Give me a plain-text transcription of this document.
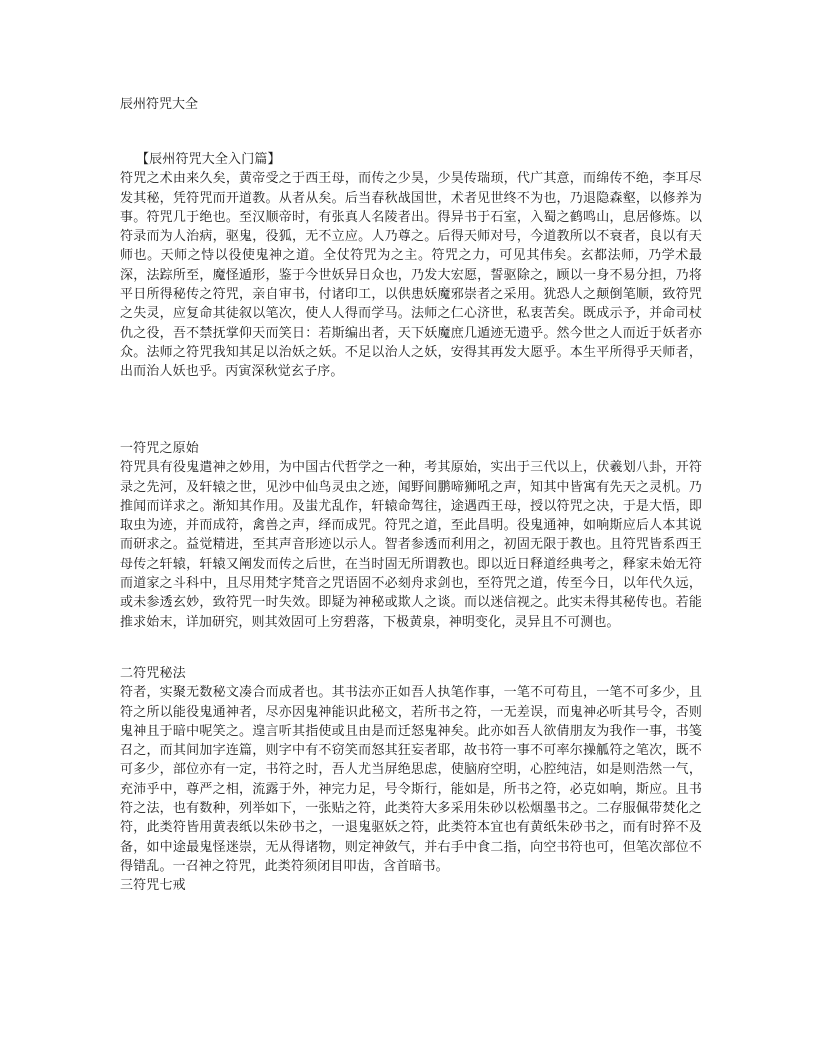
辰州符咒大全
【辰州符咒大全入门篇】
符咒之术由来久矣，黄帝受之于西王母，而传之少昊，少昊传瑞顼，代广其意，而绵传不绝，李耳尽发其秘，凭符咒而开道教。从者从矣。后当春秋战国世，术者见世终不为也，乃退隐森壑，以修养为事。符咒几于绝也。至汉顺帝时，有张真人名陵者出。得异书于石室，入蜀之鹤鸣山，息居修炼。以符录而为人治病，驱鬼，役狐，无不立应。人乃尊之。后得天师对号，今道教所以不衰者，良以有天师也。天师之恃以役使鬼神之道。全仗符咒为之主。符咒之力，可见其伟矣。玄都法师，乃学术最深，法踪所至，魔怪遁形，鉴于今世妖异日众也，乃发大宏愿，誓驱除之，顾以一身不易分担，乃将平日所得秘传之符咒，亲自审书，付诸印工，以供患妖魔邪崇者之采用。犹恐人之颠倒笔顺，致符咒之失灵，应复命其徒叙以笔次，使人人得而学马。法师之仁心济世，私衷苦矣。既成示予，并命司杖仇之役，吾不禁抚掌仰天而笑日：若斯编出者，天下妖魔庶几遁迹无遗乎。然今世之人而近于妖者亦众。法师之符咒我知其足以治妖之妖。不足以治人之妖，安得其再发大愿乎。本生平所得乎天师者，出而治人妖也乎。丙寅深秋觉玄子序。
一符咒之原始
符咒具有役鬼遣神之妙用，为中国古代哲学之一种，考其原始，实出于三代以上，伏羲划八卦，开符录之先河，及轩辕之世，见沙中仙鸟灵虫之迹，闻野间鹏啼狮吼之声，知其中皆寓有先天之灵机。乃推闻而详求之。渐知其作用。及蚩尤乱作，轩辕命驾往，途遇西王母，授以符咒之决，于是大悟，即取虫为迹，并而成符，禽兽之声，绎而成咒。符咒之道，至此昌明。役鬼通神，如响斯应后人本其说而研求之。益觉精进，至其声音形迹以示人。智者参透而利用之，初固无限于教也。且符咒皆系西王母传之轩辕，轩辕又阐发而传之后世，在当时固无所谓教也。即以近日释道经典考之，释家未始无符而道家之斗科中，且尽用梵字梵音之咒语固不必刻舟求剑也，至符咒之道，传至今日，以年代久远，或未参透玄妙，致符咒一时失效。即疑为神秘或欺人之谈。而以迷信视之。此实未得其秘传也。若能推求始末，详加研究，则其效固可上穷碧落，下极黄泉，神明变化，灵异且不可测也。
二符咒秘法
符者，实聚无数秘文凑合而成者也。其书法亦正如吾人执笔作事，一笔不可苟且，一笔不可多少，且符之所以能役鬼通神者，尽亦因鬼神能识此秘文，若所书之符，一无差误，而鬼神必听其号令，否则鬼神且于暗中呢笑之。遑言听其指使或且由是而迁怒鬼神矣。此亦如吾人欲倩朋友为我作一事，书笺召之，而其间加字连篇，则字中有不窃笑而怒其狂妄者耶，故书符一事不可率尔操觚符之笔次，既不可多少，部位亦有一定，书符之时，吾人尤当屏绝思虑，使脑府空明，心腔纯洁，如是则浩然一气，充沛乎中，尊严之相，流露于外，神完力足，号令斯行，能如是，所书之符，必克如响，斯应。且书符之法，也有数种，列举如下，一张贴之符，此类符大多采用朱砂以松烟墨书之。二存服佩带焚化之符，此类符皆用黄表纸以朱砂书之，一退鬼驱妖之符，此类符本宜也有黄纸朱砂书之，而有时猝不及备，如中途最鬼怪迷崇，无从得诸物，则定神敛气，并右手中食二指，向空书符也可，但笔次部位不得错乱。一召神之符咒，此类符须闭目叩齿，含首暗书。
三符咒七戒
